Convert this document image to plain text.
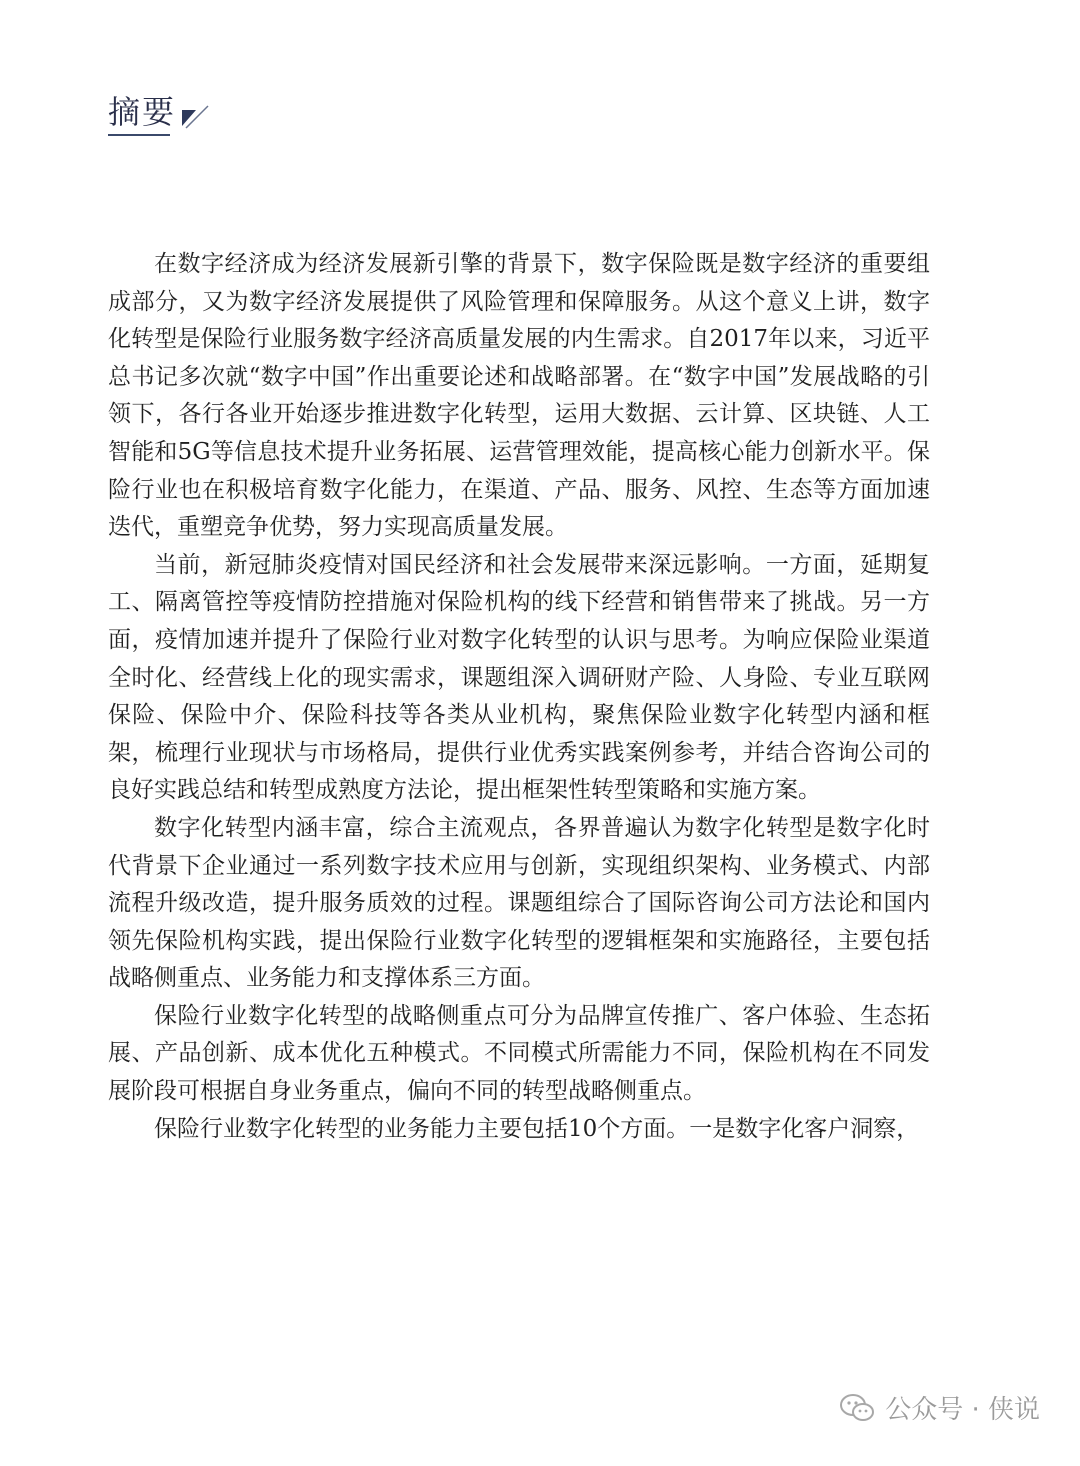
摘要

在数字经济成为经济发展新引擎的背景下，数字保险既是数字经济的重要组成部分，又为数字经济发展提供了风险管理和保障服务。从这个意义上讲，数字化转型是保险行业服务数字经济高质量发展的内生需求。自2017年以来，习近平总书记多次就“数字中国”作出重要论述和战略部署。在“数字中国”发展战略的引领下，各行各业开始逐步推进数字化转型，运用大数据、云计算、区块链、人工智能和5G等信息技术提升业务拓展、运营管理效能，提高核心能力创新水平。保险行业也在积极培育数字化能力，在渠道、产品、服务、风控、生态等方面加速迭代，重塑竞争优势，努力实现高质量发展。

当前，新冠肺炎疫情对国民经济和社会发展带来深远影响。一方面，延期复工、隔离管控等疫情防控措施对保险机构的线下经营和销售带来了挑战。另一方面，疫情加速并提升了保险行业对数字化转型的认识与思考。为响应保险业渠道全时化、经营线上化的现实需求，课题组深入调研财产险、人身险、专业互联网保险、保险中介、保险科技等各类从业机构，聚焦保险业数字化转型内涵和框架，梳理行业现状与市场格局，提供行业优秀实践案例参考，并结合咨询公司的良好实践总结和转型成熟度方法论，提出框架性转型策略和实施方案。

数字化转型内涵丰富，综合主流观点，各界普遍认为数字化转型是数字化时代背景下企业通过一系列数字技术应用与创新，实现组织架构、业务模式、内部流程升级改造，提升服务质效的过程。课题组综合了国际咨询公司方法论和国内领先保险机构实践，提出保险行业数字化转型的逻辑框架和实施路径，主要包括战略侧重点、业务能力和支撑体系三方面。

保险行业数字化转型的战略侧重点可分为品牌宣传推广、客户体验、生态拓展、产品创新、成本优化五种模式。不同模式所需能力不同，保险机构在不同发展阶段可根据自身业务重点，偏向不同的转型战略侧重点。

保险行业数字化转型的业务能力主要包括10个方面。一是数字化客户洞察，

公众号 · 侠说
